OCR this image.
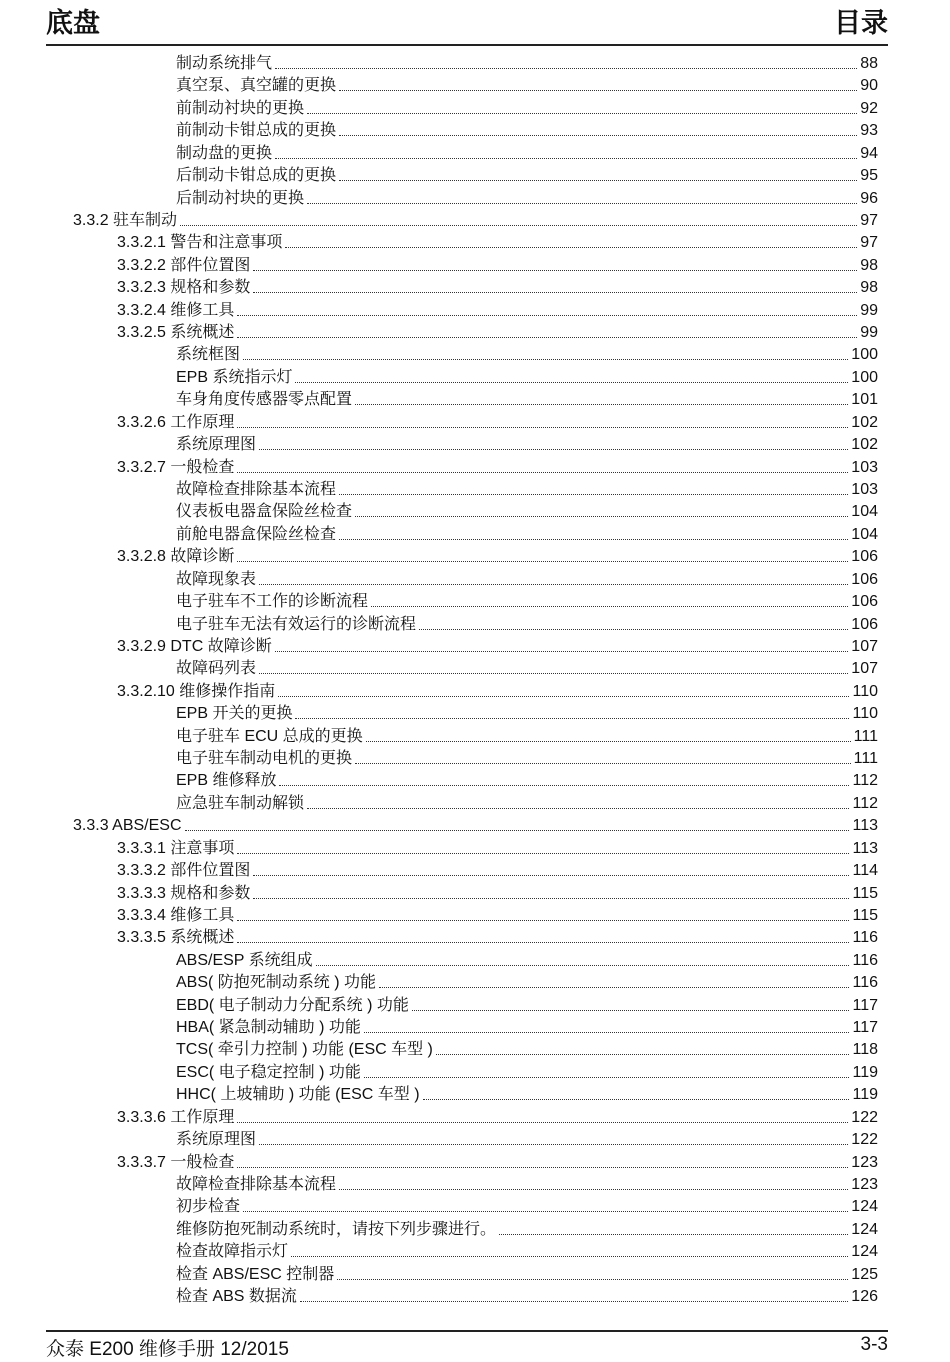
底盘	目录
制动系统排气	88
真空泵、真空罐的更换	90
前制动衬块的更换	92
前制动卡钳总成的更换	93
制动盘的更换	94
后制动卡钳总成的更换	95
后制动衬块的更换	96
3.3.2 驻车制动	97
3.3.2.1 警告和注意事项	97
3.3.2.2 部件位置图	98
3.3.2.3 规格和参数	98
3.3.2.4 维修工具	99
3.3.2.5 系统概述	99
系统框图	100
EPB 系统指示灯	100
车身角度传感器零点配置	101
3.3.2.6 工作原理	102
系统原理图	102
3.3.2.7 一般检查	103
故障检查排除基本流程	103
仪表板电器盒保险丝检查	104
前舱电器盒保险丝检查	104
3.3.2.8 故障诊断	106
故障现象表	106
电子驻车不工作的诊断流程	106
电子驻车无法有效运行的诊断流程	106
3.3.2.9 DTC 故障诊断	107
故障码列表	107
3.3.2.10 维修操作指南	110
EPB 开关的更换	110
电子驻车 ECU 总成的更换	111
电子驻车制动电机的更换	111
EPB 维修释放	112
应急驻车制动解锁	112
3.3.3 ABS/ESC	113
3.3.3.1 注意事项	113
3.3.3.2 部件位置图	114
3.3.3.3 规格和参数	115
3.3.3.4 维修工具	115
3.3.3.5 系统概述	116
ABS/ESP 系统组成	116
ABS( 防抱死制动系统 ) 功能	116
EBD( 电子制动力分配系统 ) 功能	117
HBA( 紧急制动辅助 ) 功能	117
TCS( 牵引力控制 ) 功能 (ESC 车型 )	118
ESC( 电子稳定控制 ) 功能	119
HHC( 上坡辅助 ) 功能 (ESC 车型 )	119
3.3.3.6 工作原理	122
系统原理图	122
3.3.3.7 一般检查	123
故障检查排除基本流程	123
初步检查	124
维修防抱死制动系统时，请按下列步骤进行。	124
检查故障指示灯	124
检查 ABS/ESC 控制器	125
检查 ABS 数据流	126
众泰 E200 维修手册 12/2015	3-3
